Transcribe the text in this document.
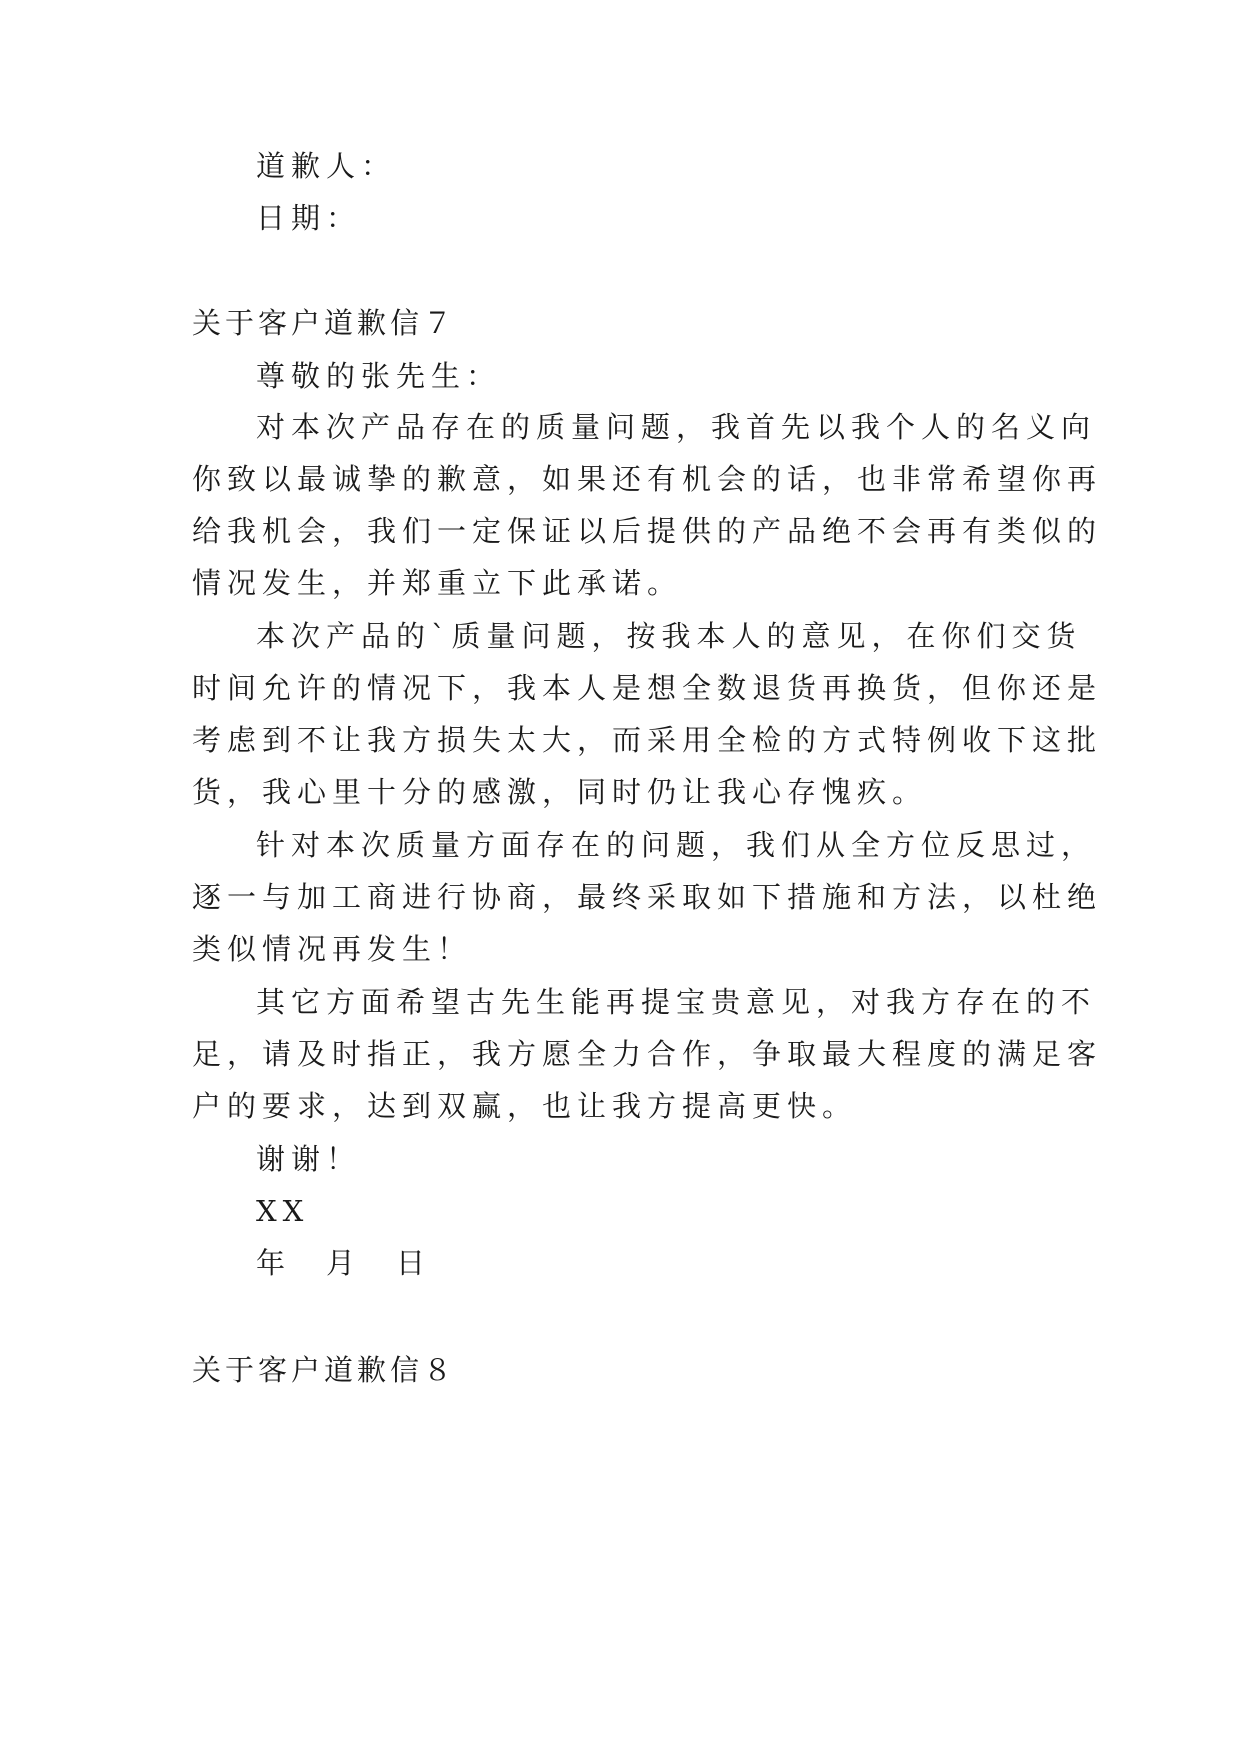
道歉人：
日期：
关于客户道歉信７
尊敬的张先生：
对本次产品存在的质量问题，我首先以我个人的名义向
你致以最诚挚的歉意，如果还有机会的话，也非常希望你再
给我机会，我们一定保证以后提供的产品绝不会再有类似的
情况发生，并郑重立下此承诺。
本次产品的`质量问题，按我本人的意见，在你们交货
时间允许的情况下，我本人是想全数退货再换货，但你还是
考虑到不让我方损失太大，而采用全检的方式特例收下这批
货，我心里十分的感激，同时仍让我心存愧疚。
针对本次质量方面存在的问题，我们从全方位反思过，
逐一与加工商进行协商，最终采取如下措施和方法，以杜绝
类似情况再发生！
其它方面希望古先生能再提宝贵意见，对我方存在的不
足，请及时指正，我方愿全力合作，争取最大程度的满足客
户的要求，达到双赢，也让我方提高更快。
谢谢！
XX
年　月　日
关于客户道歉信８
